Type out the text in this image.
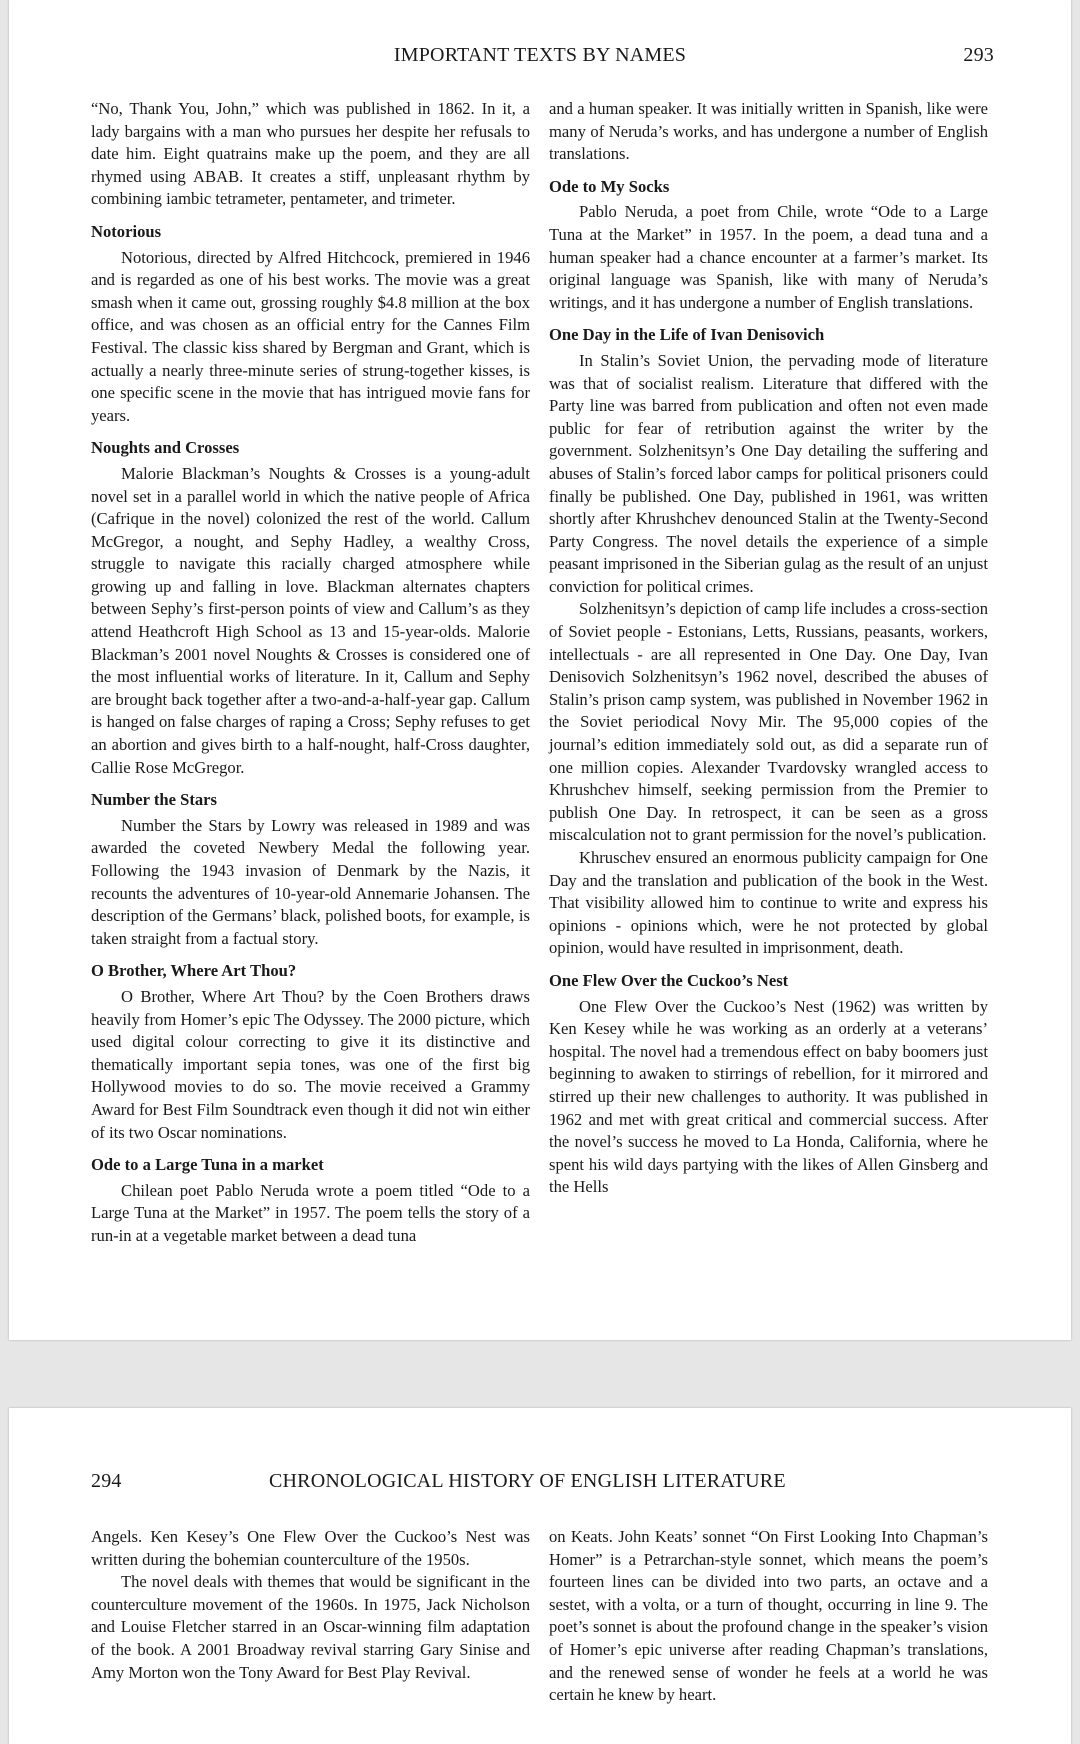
IMPORTANT TEXTS BY NAMES	293

“No, Thank You, John,” which was published in 1862. In it, a lady bargains with a man who pursues her despite her refusals to date him. Eight quatrains make up the poem, and they are all rhymed using ABAB. It creates a stiff, unpleasant rhythm by combining iambic tetrameter, pentameter, and trimeter.

Notorious

Notorious, directed by Alfred Hitchcock, premiered in 1946 and is regarded as one of his best works. The movie was a great smash when it came out, grossing roughly $4.8 million at the box office, and was chosen as an official entry for the Cannes Film Festival. The classic kiss shared by Bergman and Grant, which is actually a nearly three-minute series of strung-together kisses, is one specific scene in the movie that has intrigued movie fans for years.

Noughts and Crosses

Malorie Blackman’s Noughts & Crosses is a young-adult novel set in a parallel world in which the native people of Africa (Cafrique in the novel) colonized the rest of the world. Callum McGregor, a nought, and Sephy Hadley, a wealthy Cross, struggle to navigate this racially charged atmosphere while growing up and falling in love. Blackman alternates chapters between Sephy’s first-person points of view and Callum’s as they attend Heathcroft High School as 13 and 15-year-olds. Malorie Blackman’s 2001 novel Noughts & Crosses is considered one of the most influential works of literature. In it, Callum and Sephy are brought back together after a two-and-a-half-year gap. Callum is hanged on false charges of raping a Cross; Sephy refuses to get an abortion and gives birth to a half-nought, half-Cross daughter, Callie Rose McGregor.

Number the Stars

Number the Stars by Lowry was released in 1989 and was awarded the coveted Newbery Medal the following year. Following the 1943 invasion of Denmark by the Nazis, it recounts the adventures of 10-year-old Annemarie Johansen. The description of the Germans’ black, polished boots, for example, is taken straight from a factual story.

O Brother, Where Art Thou?

O Brother, Where Art Thou? by the Coen Brothers draws heavily from Homer’s epic The Odyssey. The 2000 picture, which used digital colour correcting to give it its distinctive and thematically important sepia tones, was one of the first big Hollywood movies to do so. The movie received a Grammy Award for Best Film Soundtrack even though it did not win either of its two Oscar nominations.

Ode to a Large Tuna in a market

Chilean poet Pablo Neruda wrote a poem titled “Ode to a Large Tuna at the Market” in 1957. The poem tells the story of a run-in at a vegetable market between a dead tuna

and a human speaker. It was initially written in Spanish, like were many of Neruda’s works, and has undergone a number of English translations.

Ode to My Socks

Pablo Neruda, a poet from Chile, wrote “Ode to a Large Tuna at the Market” in 1957. In the poem, a dead tuna and a human speaker had a chance encounter at a farmer’s market. Its original language was Spanish, like with many of Neruda’s writings, and it has undergone a number of English translations.

One Day in the Life of Ivan Denisovich

In Stalin’s Soviet Union, the pervading mode of literature was that of socialist realism. Literature that differed with the Party line was barred from publication and often not even made public for fear of retribution against the writer by the government. Solzhenitsyn’s One Day detailing the suffering and abuses of Stalin’s forced labor camps for political prisoners could finally be published. One Day, published in 1961, was written shortly after Khrushchev denounced Stalin at the Twenty-Second Party Congress. The novel details the experience of a simple peasant imprisoned in the Siberian gulag as the result of an unjust conviction for political crimes.

Solzhenitsyn’s depiction of camp life includes a cross-section of Soviet people - Estonians, Letts, Russians, peasants, workers, intellectuals - are all represented in One Day. One Day, Ivan Denisovich Solzhenitsyn’s 1962 novel, described the abuses of Stalin’s prison camp system, was published in November 1962 in the Soviet periodical Novy Mir. The 95,000 copies of the journal’s edition immediately sold out, as did a separate run of one million copies. Alexander Tvardovsky wrangled access to Khrushchev himself, seeking permission from the Premier to publish One Day. In retrospect, it can be seen as a gross miscalculation not to grant permission for the novel’s publication.

Khruschev ensured an enormous publicity campaign for One Day and the translation and publication of the book in the West. That visibility allowed him to continue to write and express his opinions - opinions which, were he not protected by global opinion, would have resulted in imprisonment, death.

One Flew Over the Cuckoo’s Nest

One Flew Over the Cuckoo’s Nest (1962) was written by Ken Kesey while he was working as an orderly at a veterans’ hospital. The novel had a tremendous effect on baby boomers just beginning to awaken to stirrings of rebellion, for it mirrored and stirred up their new challenges to authority. It was published in 1962 and met with great critical and commercial success. After the novel’s success he moved to La Honda, California, where he spent his wild days partying with the likes of Allen Ginsberg and the Hells

294	CHRONOLOGICAL HISTORY OF ENGLISH LITERATURE

Angels. Ken Kesey’s One Flew Over the Cuckoo’s Nest was written during the bohemian counterculture of the 1950s.

The novel deals with themes that would be significant in the counterculture movement of the 1960s. In 1975, Jack Nicholson and Louise Fletcher starred in an Oscar-winning film adaptation of the book. A 2001 Broadway revival starring Gary Sinise and Amy Morton won the Tony Award for Best Play Revival.

on Keats. John Keats’ sonnet “On First Looking Into Chapman’s Homer” is a Petrarchan-style sonnet, which means the poem’s fourteen lines can be divided into two parts, an octave and a sestet, with a volta, or a turn of thought, occurring in line 9. The poet’s sonnet is about the profound change in the speaker’s vision of Homer’s epic universe after reading Chapman’s translations, and the renewed sense of wonder he feels at a world he was certain he knew by heart.
